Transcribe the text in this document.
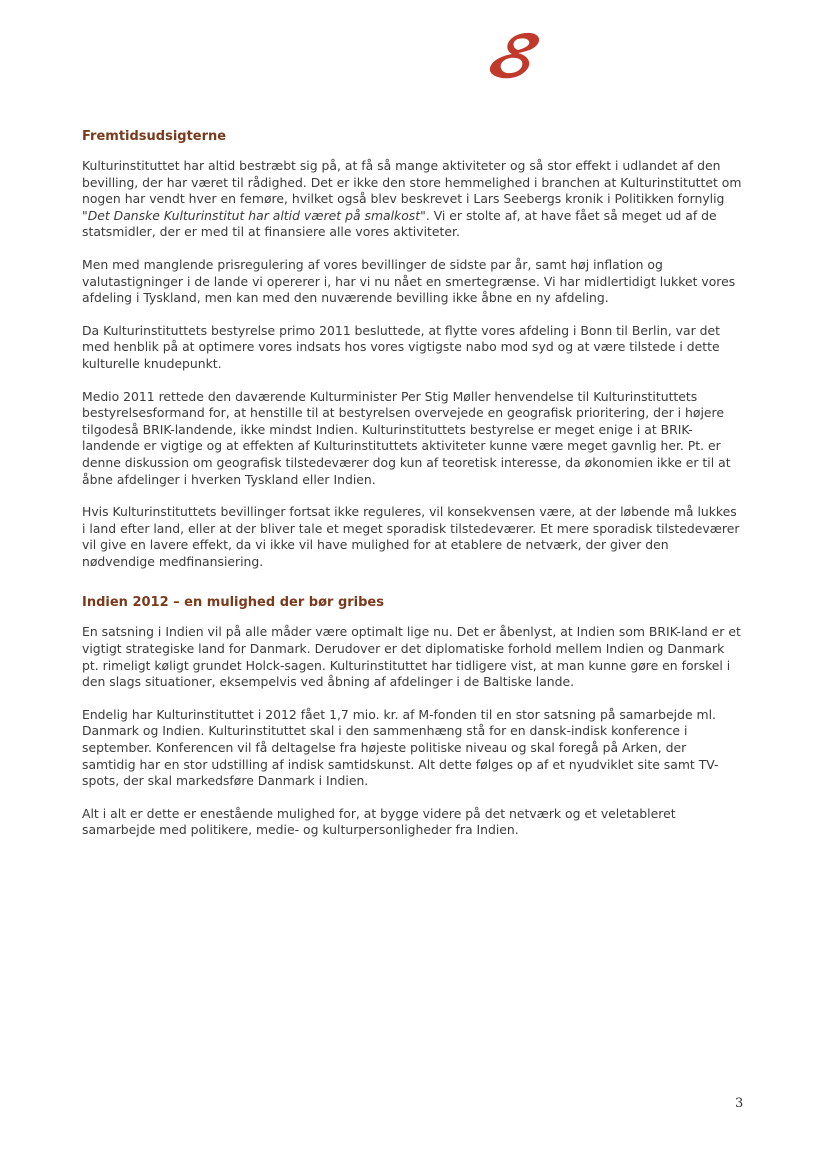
Fremtidsudsigterne

Kulturinstituttet har altid bestræbt sig på, at få så mange aktiviteter og så stor effekt i udlandet af den bevilling, der har været til rådighed. Det er ikke den store hemmelighed i branchen at Kulturinstituttet om nogen har vendt hver en femøre, hvilket også blev beskrevet i Lars Seebergs kronik i Politikken fornylig "Det Danske Kulturinstitut har altid været på smalkost". Vi er stolte af, at have fået så meget ud af de statsmidler, der er med til at finansiere alle vores aktiviteter.

Men med manglende prisregulering af vores bevillinger de sidste par år, samt høj inflation og valutastigninger i de lande vi opererer i, har vi nu nået en smertegrænse. Vi har midlertidigt lukket vores afdeling i Tyskland, men kan med den nuværende bevilling ikke åbne en ny afdeling.

Da Kulturinstituttets bestyrelse primo 2011 besluttede, at flytte vores afdeling i Bonn til Berlin, var det med henblik på at optimere vores indsats hos vores vigtigste nabo mod syd og at være tilstede i dette kulturelle knudepunkt.

Medio 2011 rettede den daværende Kulturminister Per Stig Møller henvendelse til Kulturinstituttets bestyrelsesformand for, at henstille til at bestyrelsen overvejede en geografisk prioritering, der i højere tilgodeså BRIK-landende, ikke mindst Indien. Kulturinstituttets bestyrelse er meget enige i at BRIK-landende er vigtige og at effekten af Kulturinstituttets aktiviteter kunne være meget gavnlig her. Pt. er denne diskussion om geografisk tilstedeværer dog kun af teoretisk interesse, da økonomien ikke er til at åbne afdelinger i hverken Tyskland eller Indien.

Hvis Kulturinstituttets bevillinger fortsat ikke reguleres, vil konsekvensen være, at der løbende må lukkes i land efter land, eller at der bliver tale et meget sporadisk tilstedeværer. Et mere sporadisk tilstedeværer vil give en lavere effekt, da vi ikke vil have mulighed for at etablere de netværk, der giver den nødvendige medfinansiering.

Indien 2012 – en mulighed der bør gribes

En satsning i Indien vil på alle måder være optimalt lige nu. Det er åbenlyst, at Indien som BRIK-land er et vigtigt strategiske land for Danmark. Derudover er det diplomatiske forhold mellem Indien og Danmark pt. rimeligt køligt grundet Holck-sagen. Kulturinstituttet har tidligere vist, at man kunne gøre en forskel i den slags situationer, eksempelvis ved åbning af afdelinger i de Baltiske lande.

Endelig har Kulturinstituttet i 2012 fået 1,7 mio. kr. af M-fonden til en stor satsning på samarbejde ml. Danmark og Indien. Kulturinstituttet skal i den sammenhæng stå for en dansk-indisk konference i september. Konferencen vil få deltagelse fra højeste politiske niveau og skal foregå på Arken, der samtidig har en stor udstilling af indisk samtidskunst. Alt dette følges op af et nyudviklet site samt TV-spots, der skal markedsføre Danmark i Indien.

Alt i alt er dette er enestående mulighed for, at bygge videre på det netværk og et veletableret samarbejde med politikere, medie- og kulturpersonligheder fra Indien.

3
